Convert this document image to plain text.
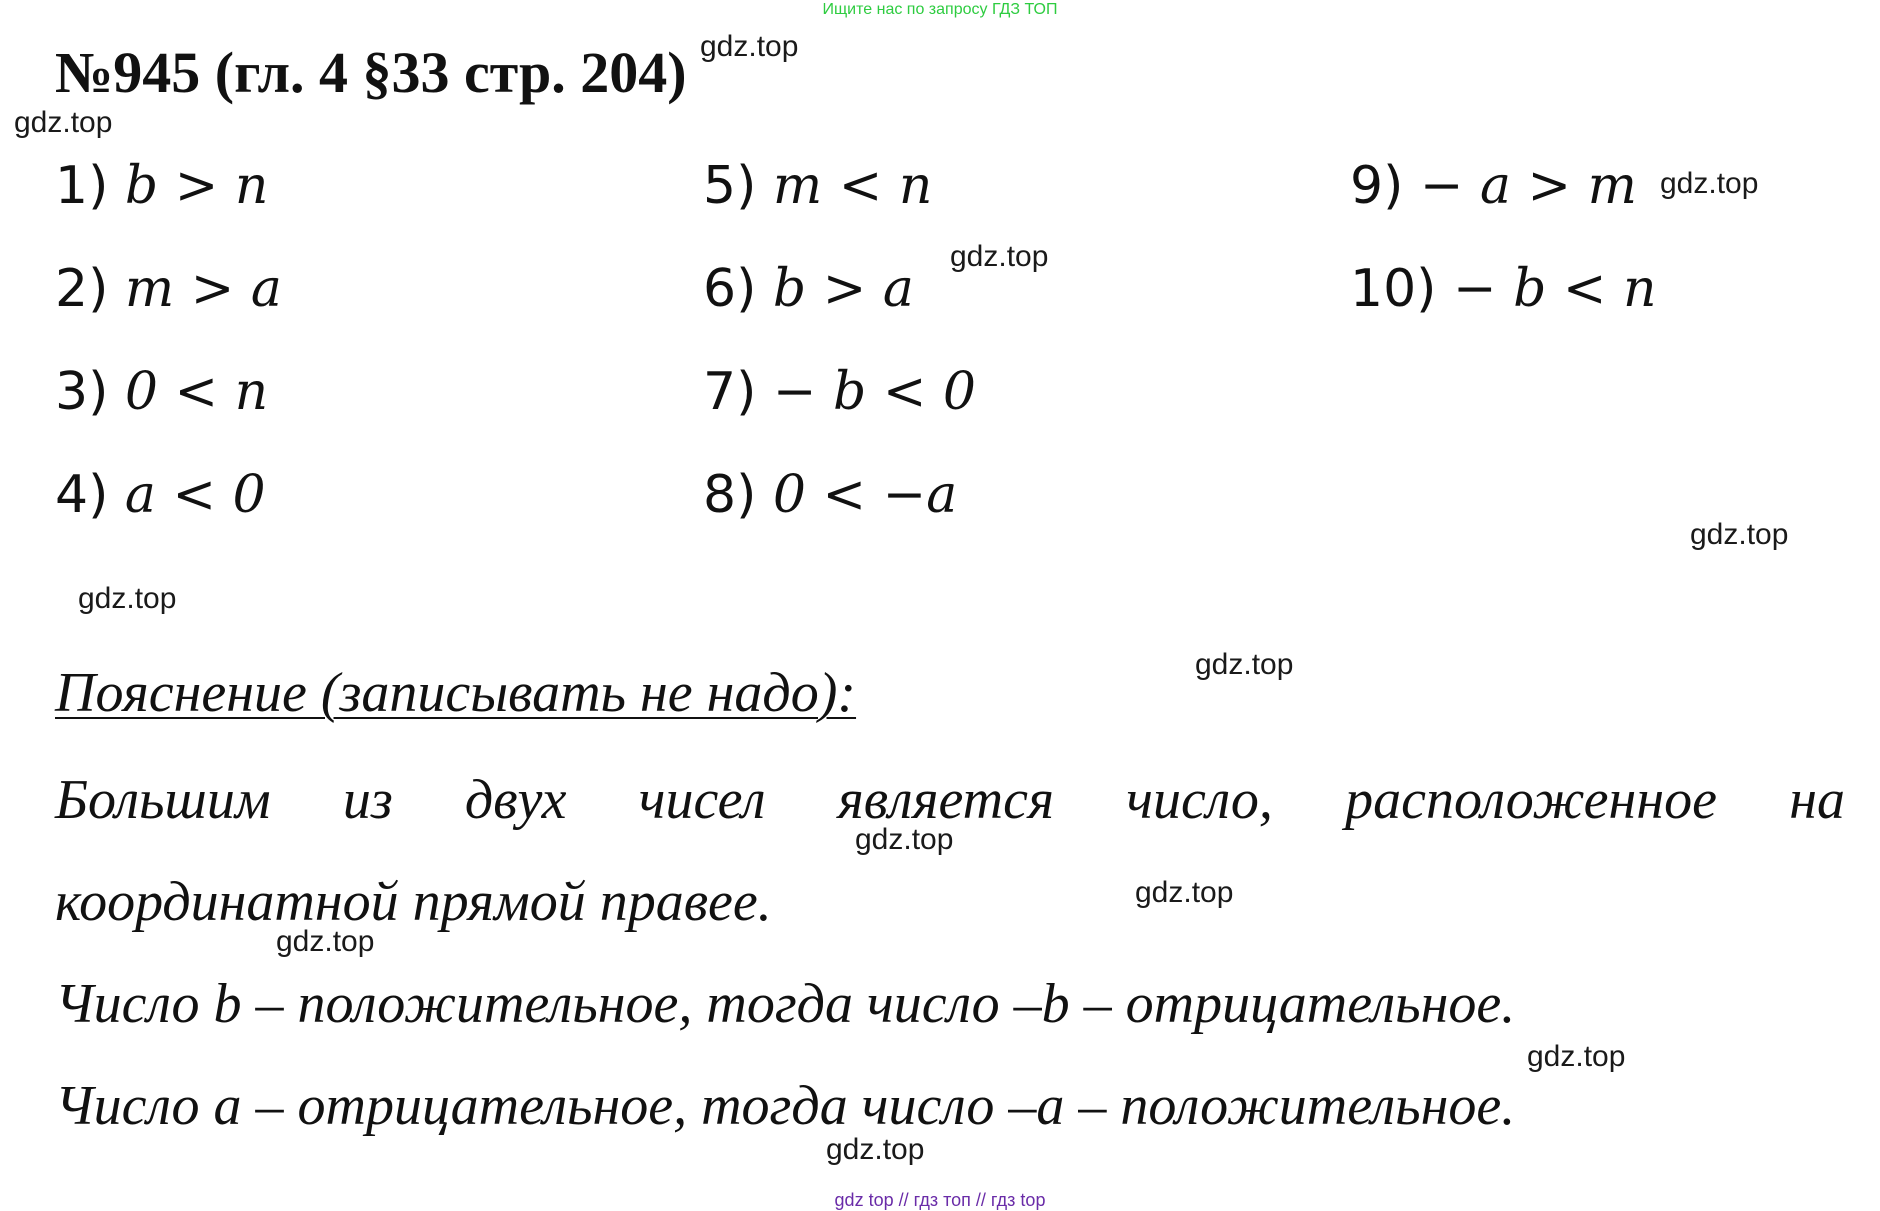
Ищите нас по запросу ГДЗ ТОП
№945 (гл. 4 §33 стр. 204)
1) b > n
2) m > a
3) 0 < n
4) a < 0
5) m < n
6) b > a
7) − b < 0
8) 0 < −a
9) − a > m
10) − b < n
Пояснение (записывать не надо):
Большим из двух чисел является число, расположенное на
координатной прямой правее.
Число b – положительное, тогда число –b – отрицательное.
Число a – отрицательное, тогда число –a – положительное.
gdz.top
gdz.top
gdz.top
gdz.top
gdz.top
gdz.top
gdz.top
gdz.top
gdz.top
gdz.top
gdz.top
gdz.top
gdz top // гдз топ // гдз top
